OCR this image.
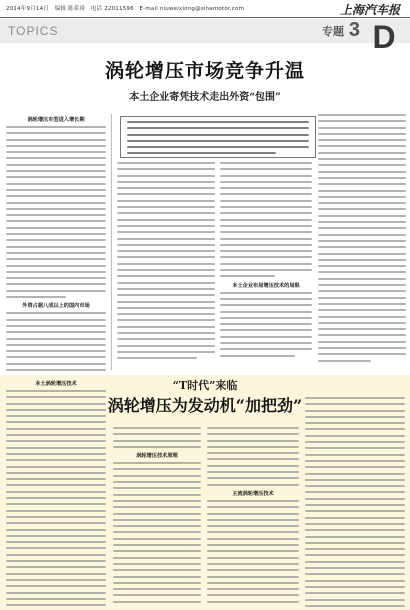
2014年9月14日　编辑 陈希琦　电话 22011596　E-mail niuweixiong@sinamotor.com	上海汽车报
TOPICS	专题 3 D
涡轮增压市场竞争升温
本土企业寄凭技术走出外资“包围”
涡轮增压车型进入增长期
外资占据八成以上的国内市场
本土企业布局增压技术的局限
“T时代”来临
涡轮增压为发动机“加把劲”
涡轮增压技术原理
主流涡轮增压技术
本土涡轮增压技术
